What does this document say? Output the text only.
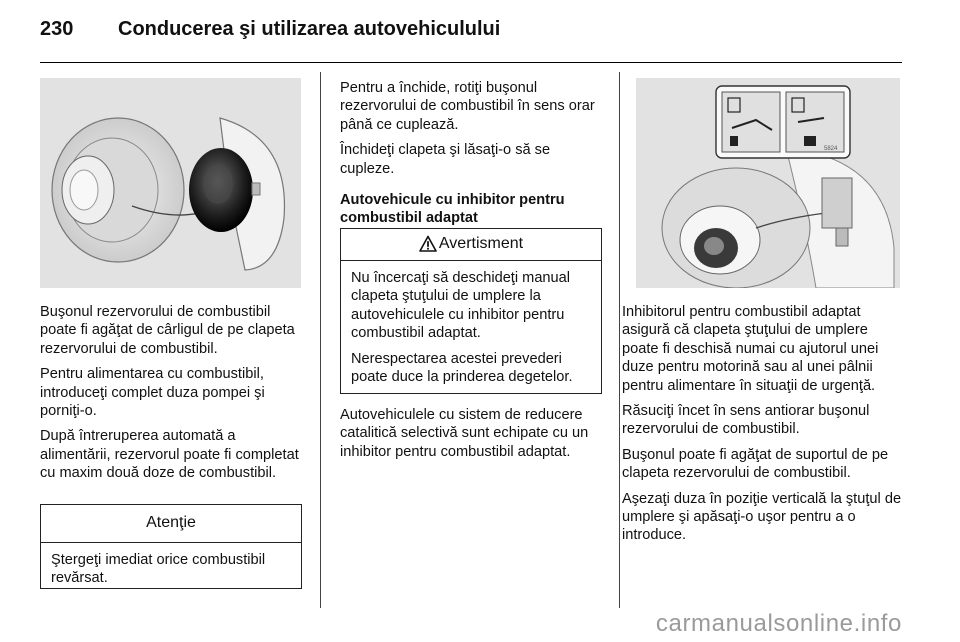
230	Conducerea şi utilizarea autovehiculului
5824

Buşonul rezervorului de combustibil poate fi agăţat de cârligul de pe clapeta rezervorului de combustibil.

Pentru alimentarea cu combustibil, introduceţi complet duza pompei şi porniţi-o.

După întreruperea automată a alimentării, rezervorul poate fi completat cu maxim două doze de combustibil.

Atenţie

Ştergeţi imediat orice combustibil revărsat.

Pentru a închide, rotiţi buşonul rezervorului de combustibil în sens orar până ce cuplează.

Închideţi clapeta şi lăsaţi-o să se cupleze.

Autovehicule cu inhibitor pentru combustibil adaptat

Avertisment

Nu încercaţi să deschideţi manual clapeta ştuţului de umplere la autovehiculele cu inhibitor pentru combustibil adaptat.

Nerespectarea acestei prevederi poate duce la prinderea degetelor.

Autovehiculele cu sistem de reducere catalitică selectivă sunt echipate cu un inhibitor pentru combustibil adaptat.

Inhibitorul pentru combustibil adaptat asigură că clapeta ştuţului de umplere poate fi deschisă numai cu ajutorul unei duze pentru motorină sau al unei pâlnii pentru alimentare în situaţii de urgenţă.

Răsuciţi încet în sens antiorar buşonul rezervorului de combustibil.

Buşonul poate fi agăţat de suportul de pe clapeta rezervorului de combustibil.

Aşezaţi duza în poziţie verticală la ştuţul de umplere şi apăsaţi-o uşor pentru a o introduce.

carmanualsonline.info
